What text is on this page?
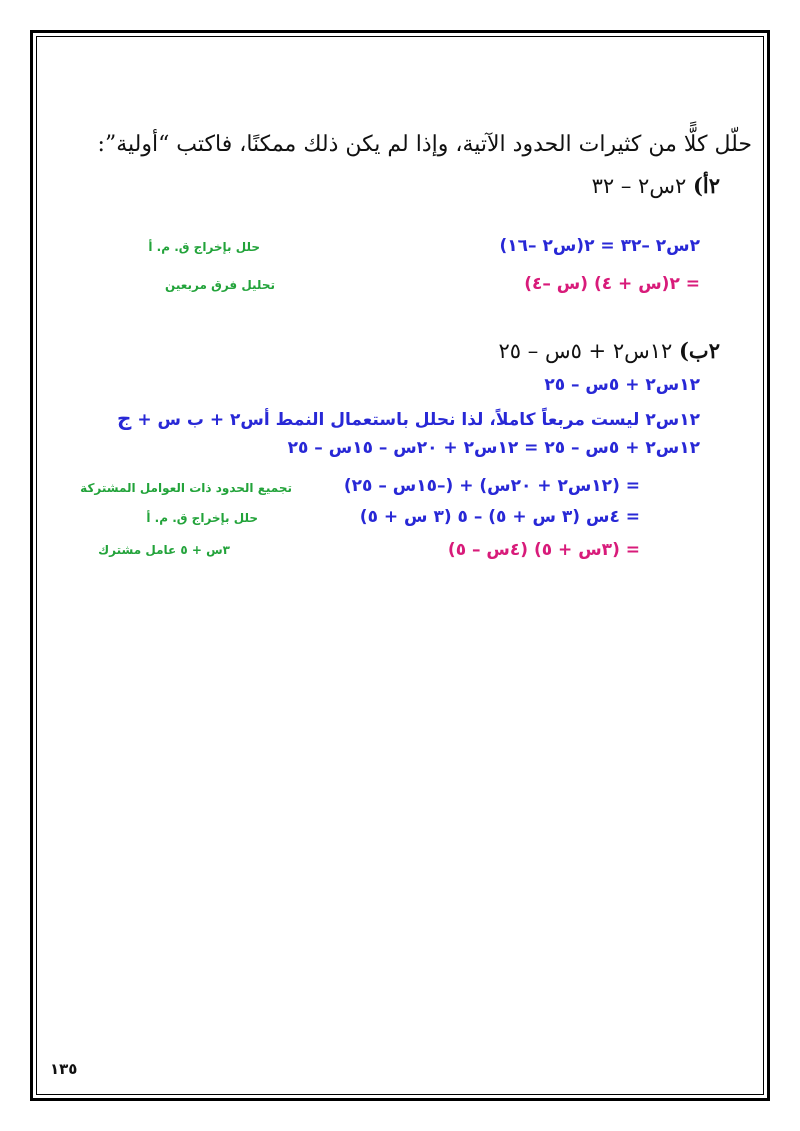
حلّل كلًّا من كثيرات الحدود الآتية، وإذا لم يكن ذلك ممكنًا، فاكتب “أولية”:
٢أ) ٢س٢ – ٣٢
٢س٢ –٣٢ = ٢(س٢ –١٦)
حلل بإخراج ق. م. أ
= ٢(س + ٤) (س –٤)
تحليل فرق مربعين
٢ب) ١٢س٢ + ٥س – ٢٥
١٢س٢ + ٥س – ٢٥
١٢س٢ ليست مربعاً كاملاً، لذا نحلل باستعمال النمط أس٢ + ب س + ج
١٢س٢ + ٥س – ٢٥ = ١٢س٢ + ٢٠س – ١٥س – ٢٥
= (١٢س٢ + ٢٠س) + (–١٥س – ٢٥)
تجميع الحدود ذات العوامل المشتركة
= ٤س (٣ س + ٥) – ٥ (٣ س + ٥)
حلل بإخراج ق. م. أ
= (٣س + ٥) (٤س – ٥)
٣س + ٥ عامل مشترك
١٣٥
